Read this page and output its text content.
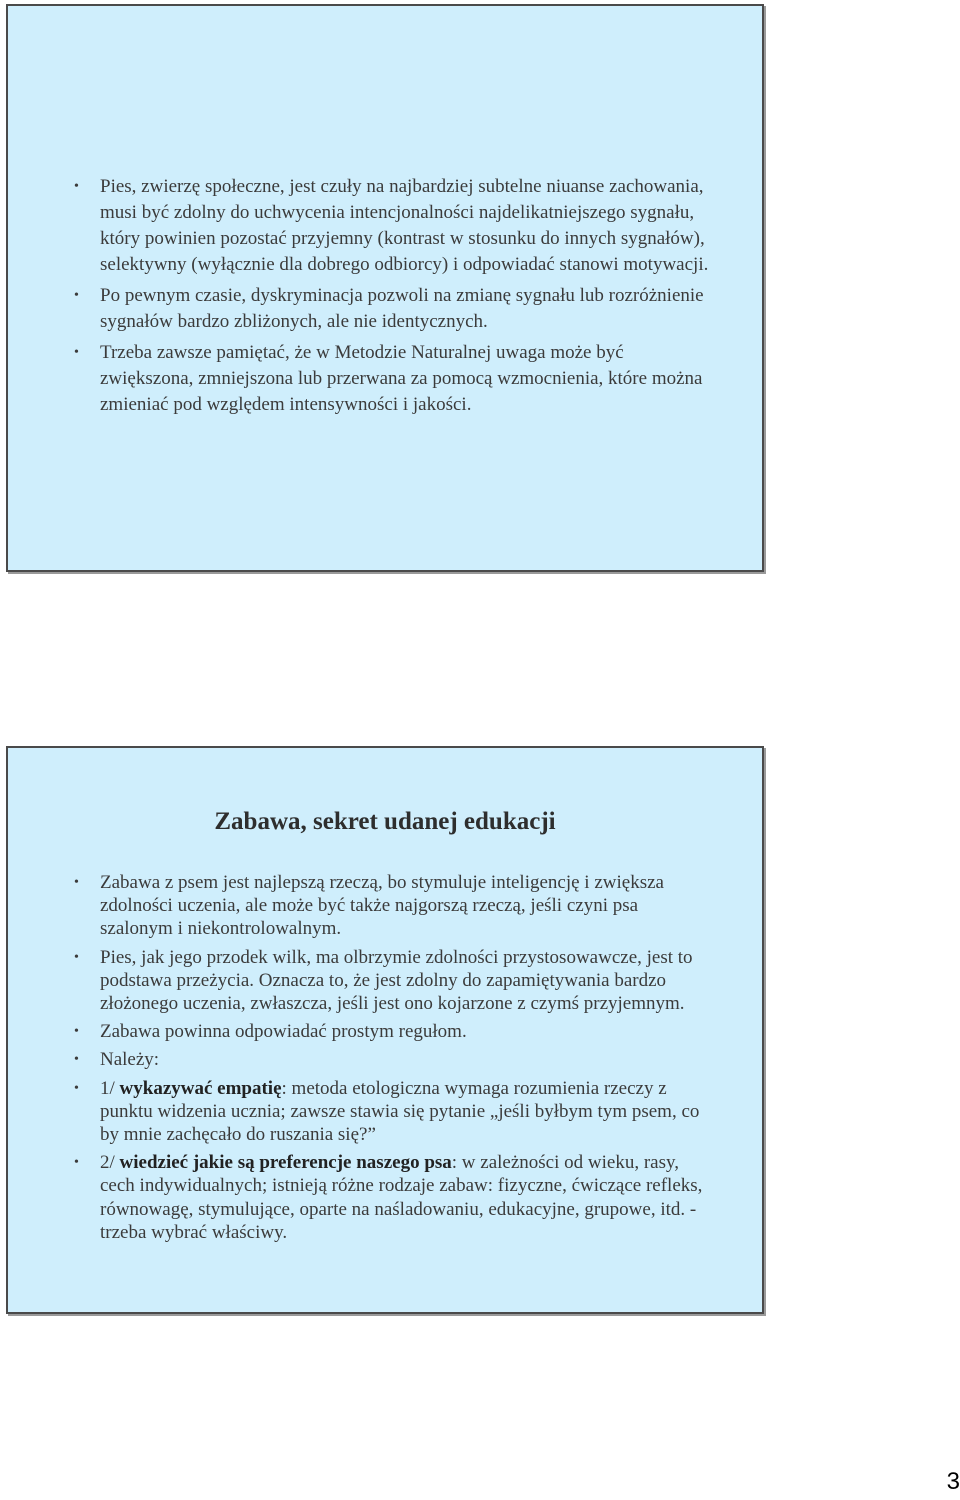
• Pies, zwierzę społeczne, jest czuły na najbardziej subtelne niuanse zachowania, musi być zdolny do uchwycenia intencjonalności najdelikatniejszego sygnału, który powinien pozostać przyjemny (kontrast w stosunku do innych sygnałów), selektywny (wyłącznie dla dobrego odbiorcy) i odpowiadać stanowi motywacji.
• Po pewnym czasie, dyskryminacja pozwoli na zmianę sygnału lub rozróżnienie sygnałów bardzo zbliżonych, ale nie identycznych.
• Trzeba zawsze pamiętać, że w Metodzie Naturalnej uwaga może być zwiększona, zmniejszona lub przerwana za pomocą wzmocnienia, które można zmieniać pod względem intensywności i jakości.
Zabawa, sekret udanej edukacji
• Zabawa z psem jest najlepszą rzeczą, bo stymuluje inteligencję i zwiększa zdolności uczenia, ale może być także najgorszą rzeczą, jeśli czyni psa szalonym i niekontrolowalnym.
• Pies, jak jego przodek wilk, ma olbrzymie zdolności przystosowawcze, jest to podstawa przeżycia. Oznacza to, że jest zdolny do zapamiętywania bardzo złożonego uczenia, zwłaszcza, jeśli jest ono kojarzone z czymś przyjemnym.
• Zabawa powinna odpowiadać prostym regułom.
• Należy:
• 1/ wykazywać empatię: metoda etologiczna wymaga rozumienia rzeczy z punktu widzenia ucznia; zawsze stawia się pytanie „jeśli byłbym tym psem, co by mnie zachęcało do ruszania się?”
• 2/ wiedzieć jakie są preferencje naszego psa: w zależności od wieku, rasy, cech indywidualnych; istnieją różne rodzaje zabaw: fizyczne, ćwiczące refleks, równowagę, stymulujące, oparte na naśladowaniu, edukacyjne, grupowe, itd. - trzeba wybrać właściwy.
3
